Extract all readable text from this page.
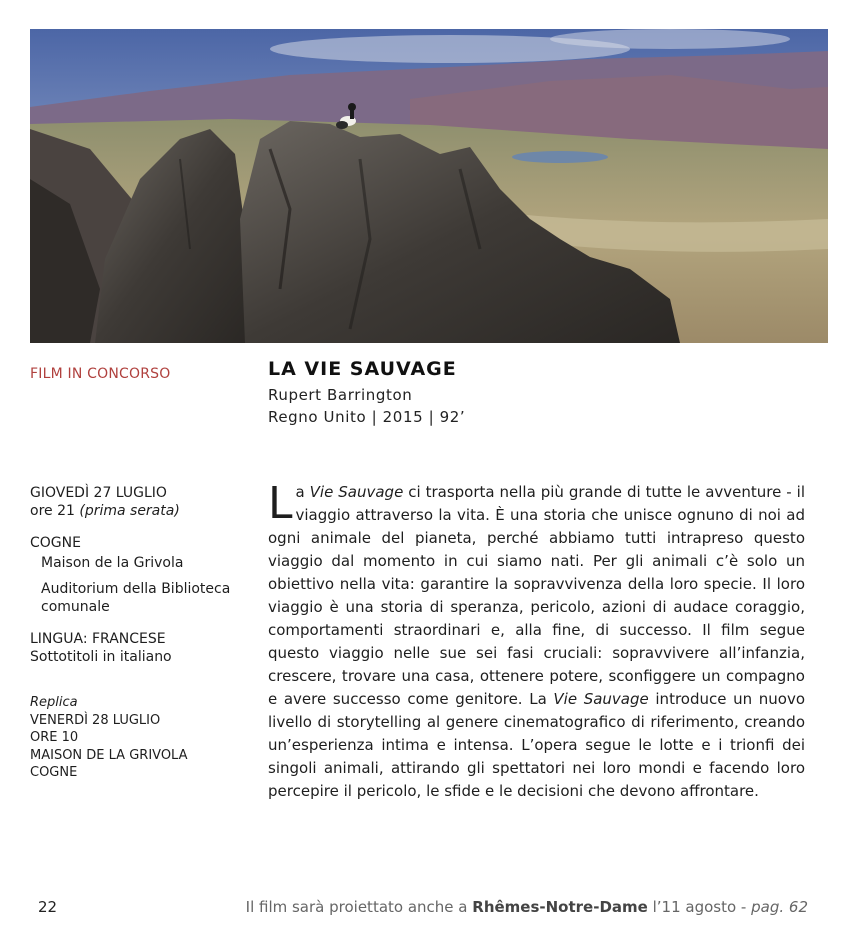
FILM IN CONCORSO	LA VIE SAUVAGE
Rupert Barrington
Regno Unito | 2015 | 92’
GIOVEDÌ 27 LUGLIO
ore 21 (prima serata)
COGNE
Maison de la Grivola
Auditorium della Biblioteca comunale
LINGUA: FRANCESE
Sottotitoli in italiano
Replica
VENERDÌ 28 LUGLIO
ORE 10
MAISON DE LA GRIVOLA
COGNE

La Vie Sauvage ci trasporta nella più grande di tutte le avventure - il viaggio attraverso la vita. È una storia che unisce ognuno di noi ad ogni animale del pianeta, perché abbiamo tutti intrapreso questo viaggio dal momento in cui siamo nati. Per gli animali c’è solo un obiettivo nella vita: garantire la sopravvivenza della loro specie. Il loro viaggio è una storia di speranza, pericolo, azioni di audace coraggio, comportamenti straordinari e, alla fine, di successo. Il film segue questo viaggio nelle sue sei fasi cruciali: sopravvivere all’infanzia, crescere, trovare una casa, ottenere potere, sconfiggere un compagno e avere successo come genitore. La Vie Sauvage introduce un nuovo livello di storytelling al genere cinematografico di riferimento, creando un’esperienza intima e intensa. L’opera segue le lotte e i trionfi dei singoli animali, attirando gli spettatori nei loro mondi e facendo loro percepire il pericolo, le sfide e le decisioni che devono affrontare.

22	Il film sarà proiettato anche a Rhêmes-Notre-Dame l’11 agosto - pag. 62
